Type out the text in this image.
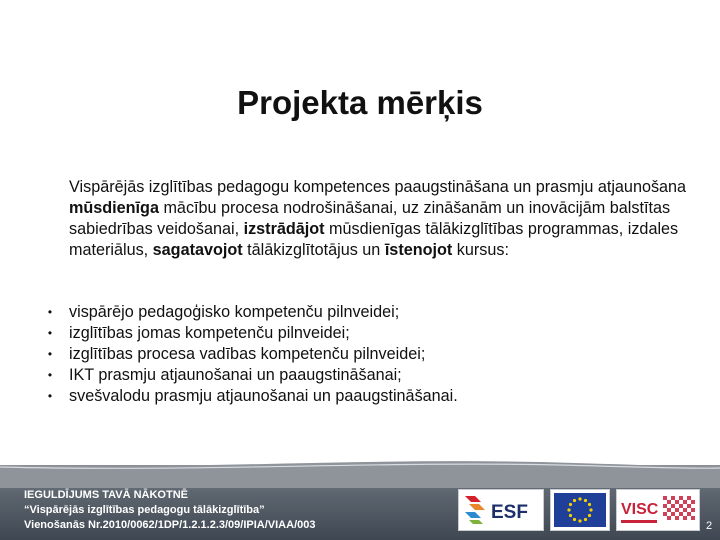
Projekta mērķis
Vispārējās izglītības pedagogu kompetences paaugstināšana un prasmju atjaunošana mūsdienīga mācību procesa nodrošināšanai, uz zināšanām un inovācijām balstītas sabiedrības veidošanai, izstrādājot mūsdienīgas tālākizglītības programmas, izdales materiālus, sagatavojot tālākizglītotājus un īstenojot kursus:
• vispārējo pedagoģisko kompetenču pilnveidei;
• izglītības jomas kompetenču pilnveidei;
• izglītības procesa vadības kompetenču pilnveidei;
• IKT prasmju atjaunošanai un paaugstināšanai;
• svešvalodu prasmju atjaunošanai un paaugstināšanai.
IEGULDĪJUMS TAVĀ NĀKOTNĒ
“Vispārējās izglītības pedagogu tālākizglītība”
Vienošanās Nr.2010/0062/1DP/1.2.1.2.3/09/IPIA/VIAA/003
ESF	VISC
2
